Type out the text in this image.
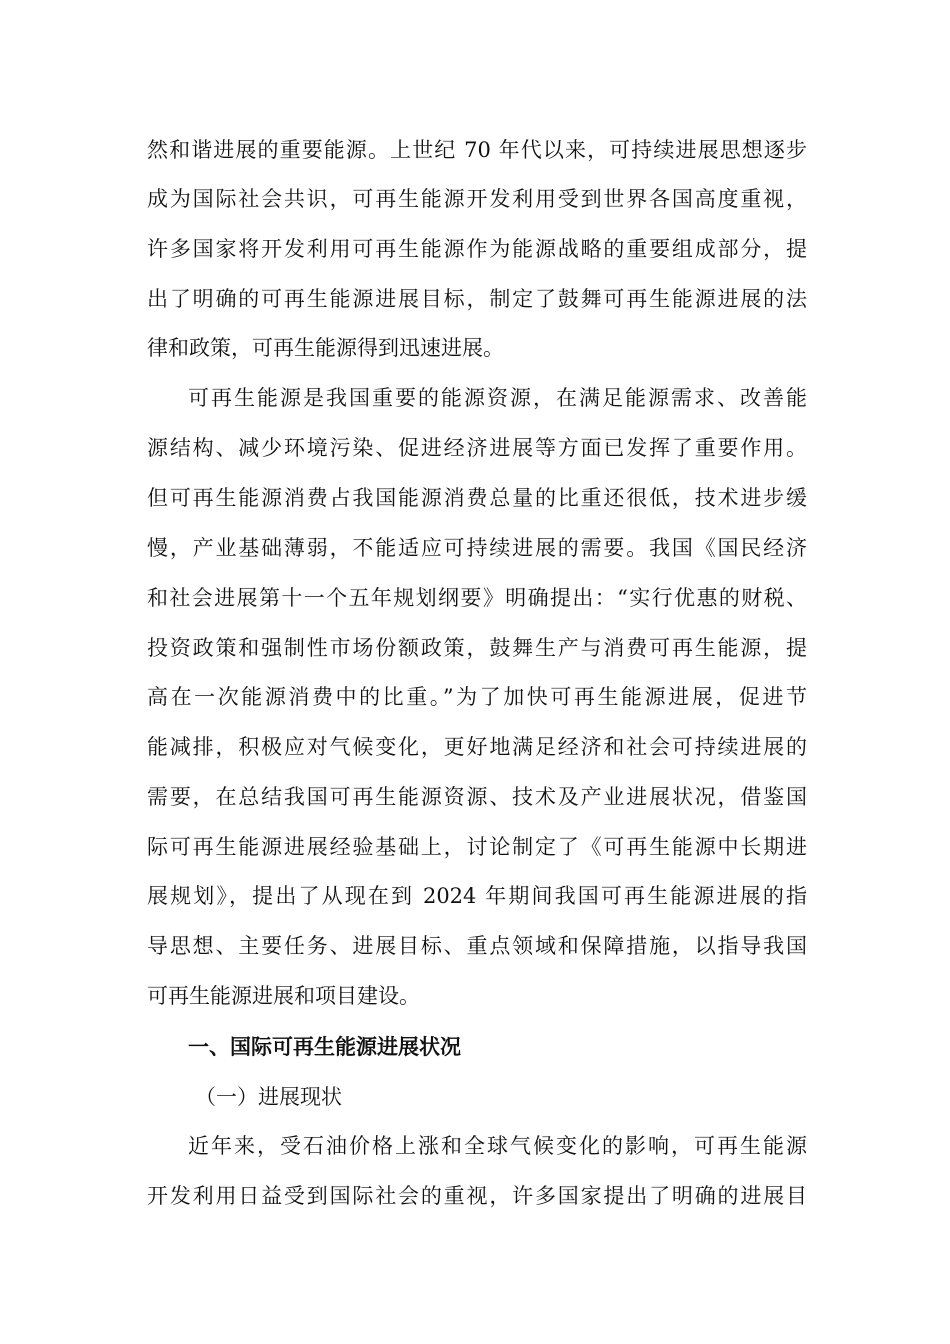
然和谐进展的重要能源。上世纪 70 年代以来，可持续进展思想逐步
成为国际社会共识，可再生能源开发利用受到世界各国高度重视，
许多国家将开发利用可再生能源作为能源战略的重要组成部分，提
出了明确的可再生能源进展目标，制定了鼓舞可再生能源进展的法
律和政策，可再生能源得到迅速进展。
可再生能源是我国重要的能源资源，在满足能源需求、改善能
源结构、减少环境污染、促进经济进展等方面已发挥了重要作用。
但可再生能源消费占我国能源消费总量的比重还很低，技术进步缓
慢，产业基础薄弱，不能适应可持续进展的需要。我国《国民经济
和社会进展第十一个五年规划纲要》明确提出：“实行优惠的财税、
投资政策和强制性市场份额政策，鼓舞生产与消费可再生能源，提
高在一次能源消费中的比重。”为了加快可再生能源进展，促进节
能减排，积极应对气候变化，更好地满足经济和社会可持续进展的
需要，在总结我国可再生能源资源、技术及产业进展状况，借鉴国
际可再生能源进展经验基础上，讨论制定了《可再生能源中长期进
展规划》，提出了从现在到 2024 年期间我国可再生能源进展的指
导思想、主要任务、进展目标、重点领域和保障措施，以指导我国
可再生能源进展和项目建设。
一、国际可再生能源进展状况
（一）进展现状
近年来，受石油价格上涨和全球气候变化的影响，可再生能源
开发利用日益受到国际社会的重视，许多国家提出了明确的进展目
